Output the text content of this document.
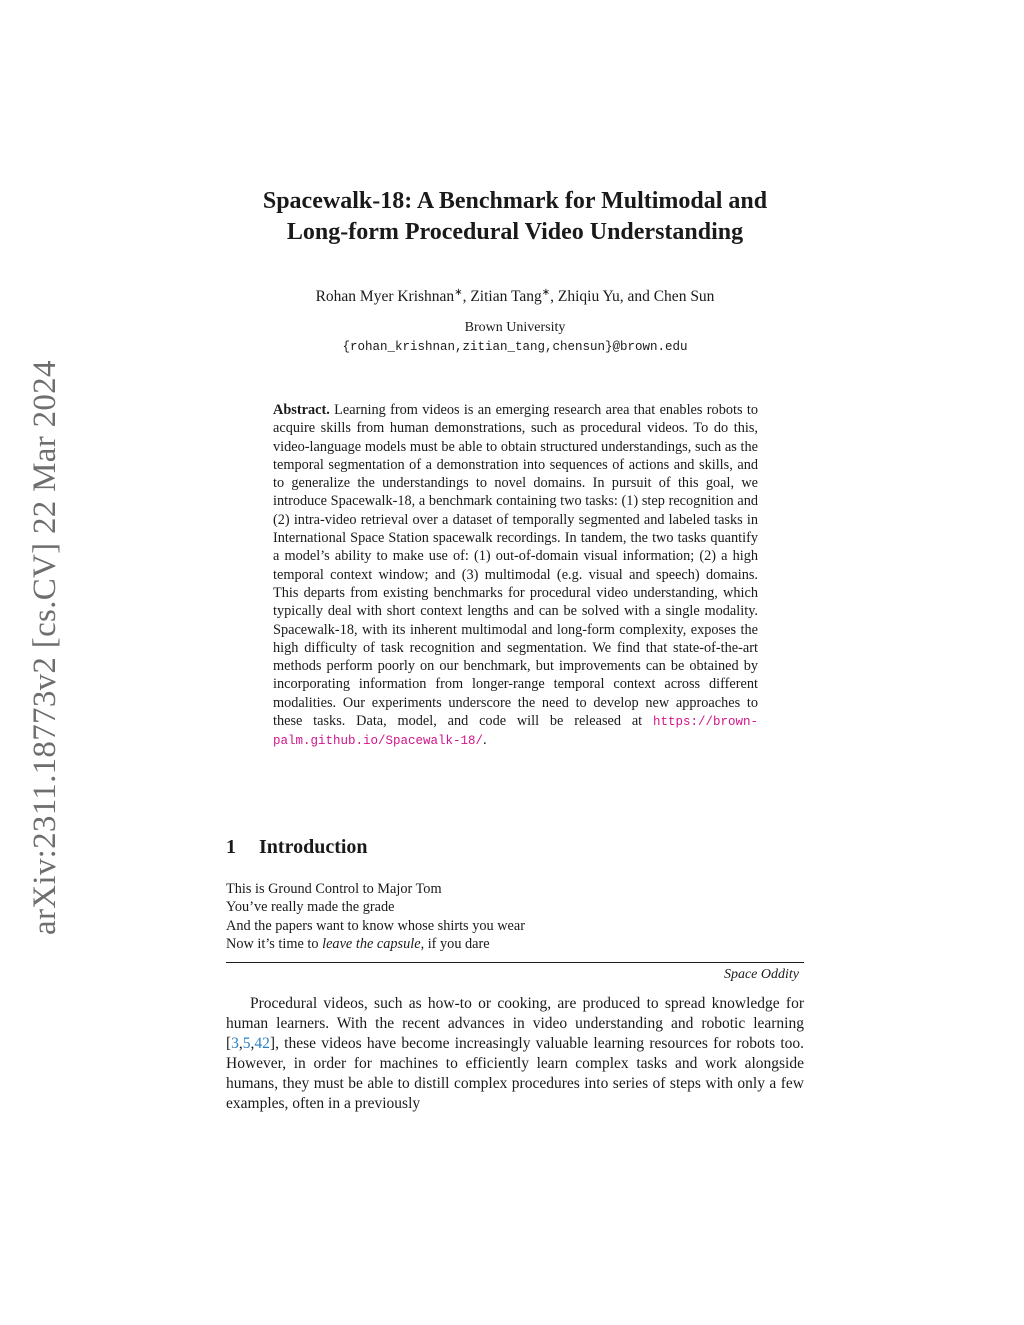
arXiv:2311.18773v2 [cs.CV] 22 Mar 2024
Spacewalk-18: A Benchmark for Multimodal and
Long-form Procedural Video Understanding
Rohan Myer Krishnan∗, Zitian Tang∗, Zhiqiu Yu, and Chen Sun
Brown University
{rohan_krishnan,zitian_tang,chensun}@brown.edu
Abstract. Learning from videos is an emerging research area that enables robots to acquire skills from human demonstrations, such as procedural videos. To do this, video-language models must be able to obtain structured understandings, such as the temporal segmentation of a demonstration into sequences of actions and skills, and to generalize the understandings to novel domains. In pursuit of this goal, we introduce Spacewalk-18, a benchmark containing two tasks: (1) step recognition and (2) intra-video retrieval over a dataset of temporally segmented and labeled tasks in International Space Station spacewalk recordings. In tandem, the two tasks quantify a model’s ability to make use of: (1) out-of-domain visual information; (2) a high temporal context window; and (3) multimodal (e.g. visual and speech) domains. This departs from existing benchmarks for procedural video understanding, which typically deal with short context lengths and can be solved with a single modality. Spacewalk-18, with its inherent multimodal and long-form complexity, exposes the high difficulty of task recognition and segmentation. We find that state-of-the-art methods perform poorly on our benchmark, but improvements can be obtained by incorporating information from longer-range temporal context across different modalities. Our experiments underscore the need to develop new approaches to these tasks. Data, model, and code will be released at https://brown-palm.github.io/Spacewalk-18/.
1 Introduction
This is Ground Control to Major Tom
You’ve really made the grade
And the papers want to know whose shirts you wear
Now it’s time to leave the capsule, if you dare
Space Oddity
Procedural videos, such as how-to or cooking, are produced to spread knowledge for human learners. With the recent advances in video understanding and robotic learning [3,5,42], these videos have become increasingly valuable learning resources for robots too. However, in order for machines to efficiently learn complex tasks and work alongside humans, they must be able to distill complex procedures into series of steps with only a few examples, often in a previously
